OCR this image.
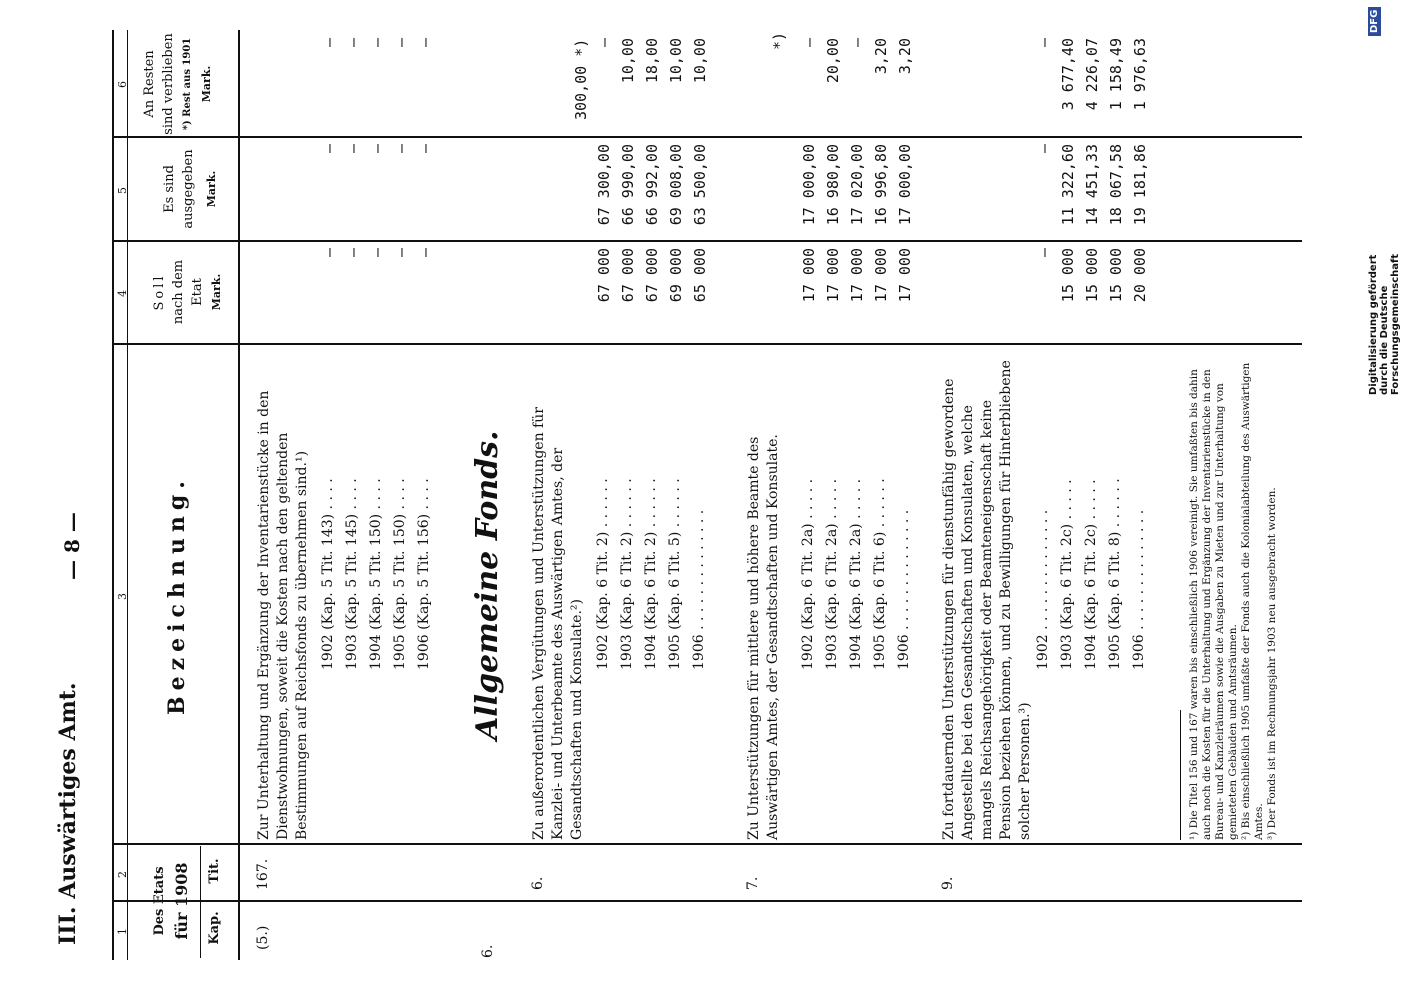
III. Auswärtiges Amt.
— 8 —
1
2
3
4
5
6
Des Etats für 1908 Kap.
Tit.
Bezeichnung.
Soll nach dem Etat Mark.
Es sind ausgegeben Mark.
An Resten sind verblieben *) Rest aus 1901 Mark.
(5.)
167.
Zur Unterhaltung und Ergänzung der Inventarienstücke in den Dienstwohnungen, soweit die Kosten nach den geltenden Bestimmungen auf Reichsfonds zu übernehmen sind.¹)
6.
Allgemeine Fonds.
6.
Zu außerordentlichen Vergütungen und Unterstützungen für Kanzlei- und Unterbeamte des Auswärtigen Amtes, der Gesandtschaften und Konsulate.²)
300,00 *)
7.
Zu Unterstützungen für mittlere und höhere Beamte des Auswärtigen Amtes, der Gesandtschaften und Konsulate.
*)
9.
Zu fortdauernden Unterstützungen für dienstunfähig gewordene Angestellte bei den Gesandtschaften und Konsulaten, welche mangels Reichsangehörigkeit oder Beamteneigenschaft keine Pension beziehen können, und zu Bewilligungen für Hinterbliebene solcher Personen.³)	¹) Die Titel 156 und 167 waren bis einschließlich 1906 vereinigt. Sie umfaßten bis dahin auch noch die Kosten für die Unterhaltung und Ergänzung der Inventarienstücke in den Bureau- und Kanzleiräumen sowie die Ausgaben zu Mieten und zur Unterhaltung von gemieteten Gebäuden und Amtsräumen. ²) Bis einschließlich 1905 umfaßte der Fonds auch die Kolonialabteilung des Auswärtigen Amtes. ³) Der Fonds ist im Rechnungsjahr 1903 neu ausgebracht worden.
1902 (Kap. 5 Tit. 143) . . . .
—
—
—
1903 (Kap. 5 Tit. 145) . . . .
—
—
—
1904 (Kap. 5 Tit. 150) . . . .
—
—
—
1905 (Kap. 5 Tit. 150) . . . .
—
—
—
1906 (Kap. 5 Tit. 156) . . . .
—
—
—
1902 (Kap. 6 Tit. 2) . . . . . .
67 000
67 300,00
—
1903 (Kap. 6 Tit. 2) . . . . . .
67 000
66 990,00
10,00
1904 (Kap. 6 Tit. 2) . . . . . .
67 000
66 992,00
18,00
1905 (Kap. 6 Tit. 5) . . . . . .
69 000
69 008,00
10,00
1906 . . . . . . . . . . . . . .
65 000
63 500,00
10,00
1902 (Kap. 6 Tit. 2a) . . . . .
17 000
17 000,00
—
1903 (Kap. 6 Tit. 2a) . . . . .
17 000
16 980,00
20,00
1904 (Kap. 6 Tit. 2a) . . . . .
17 000
17 020,00
—
1905 (Kap. 6 Tit. 6) . . . . . .
17 000
16 996,80
3,20
1906 . . . . . . . . . . . . . .
17 000
17 000,00
3,20
1902 . . . . . . . . . . . . . .
—
—
—
1903 (Kap. 6 Tit. 2c) . . . . .
15 000
11 322,60
3 677,40
1904 (Kap. 6 Tit. 2c) . . . . .
15 000
14 451,33
4 226,07
1905 (Kap. 6 Tit. 8) . . . . . .
15 000
18 067,58
1 158,49
1906 . . . . . . . . . . . . . .
20 000
19 181,86
1 976,63
Digitalisierung gefördert durch die Deutsche Forschungsgemeinschaft
DFG
